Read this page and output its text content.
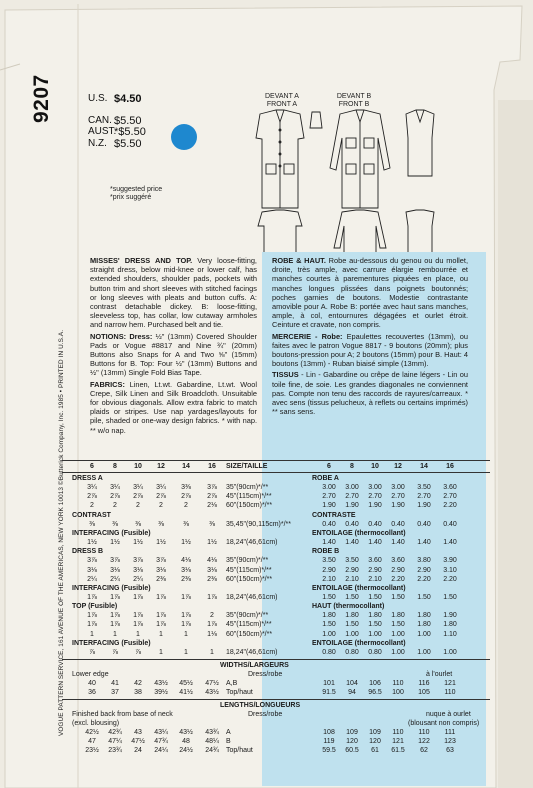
VOGUE PATTERN SERVICE, 161 AVENUE OF THE AMERICAS, NEW YORK 10013 ©Butterick Company, Inc. 1985 • PRINTED IN U.S.A.
9207	U.S. $4.50
CAN. $5.50
AUST.
*$5.50
N.Z. $5.50
*suggested price
*prix suggéré
DEVANT A
FRONT A
DEVANT B
FRONT B
MISSES' DRESS AND TOP. Very loose-fitting, straight dress, below mid-knee or lower calf, has extended shoulders, shoulder pads, pockets with button trim and short sleeves with stitched facings or long sleeves with pleats and button cuffs. A: contrast detachable dickey. B: loose-fitting, sleeveless top, has collar, low cutaway armholes and narrow hem. Purchased belt and tie.
NOTIONS: Dress: ½" (13mm) Covered Shoulder Pads or Vogue #8817 and Nine ¾" (20mm) Buttons also Snaps for A and Two ⅝" (15mm) Buttons for B. Top: Four ½" (13mm) Buttons and ½" (13mm) Single Fold Bias Tape.
FABRICS: Linen, Lt.wt. Gabardine, Lt.wt. Wool Crepe, Silk Linen and Silk Broadcloth. Unsuitable for obvious diagonals. Allow extra fabric to match plaids or stripes. Use nap yardages/layouts for pile, shaded or one-way design fabrics. * with nap. ** w/o nap.
ROBE & HAUT. Robe au-dessous du genou ou du mollet, droite, très ample, avec carrure élargie rembourrée et manches courtes à parementures piquées en place, ou manches longues plissées dans poignets boutonnés; poches garnies de boutons. Modestie contrastante amovible pour A. Robe B: portée avec haut sans manches, ample, à col, entournures dégagées et ourlet étroit. Ceinture et cravate, non compris.
MERCERIE - Robe: Epaulettes recouvertes (13mm), ou faites avec le patron Vogue 8817 - 9 boutons (20mm); plus boutons-pression pour A; 2 boutons (15mm) pour B. Haut: 4 boutons (13mm) - Ruban biaisé simple (13mm).
TISSUS - Lin - Gabardine ou crêpe de laine légers - Lin ou toile fine, de soie. Les grandes diagonales ne conviennent pas. Compte non tenu des raccords de rayures/carreaux. * avec sens (tissus pelucheux, à reflets ou certains imprimés) ** sans sens.
6	8	10	12	14	16	SIZE/TAILLE	6	8	10	12	14	16
DRESS A	ROBE A
3¼	3¼	3¼	3¼	3⅜	3⅞	35"(90cm)*/**	3.00	3.00	3.00	3.00	3.50	3.60
2⅞	2⅞	2⅞	2⅞	2⅞	2⅞	45"(115cm)*/**	2.70	2.70	2.70	2.70	2.70	2.70
2	2	2	2	2	2⅛	60"(150cm)*/**	1.90	1.90	1.90	1.90	1.90	2.20
CONTRAST	CONTRASTE
⅜	⅜	⅜	⅜	⅜	⅜	35,45"(90,115cm)*/**	0.40	0.40	0.40	0.40	0.40	0.40
INTERFACING (Fusible)	ENTOILAGE (thermocollant)
1½	1½	1½	1½	1½	1½	18,24"(46,61cm)	1.40	1.40	1.40	1.40	1.40	1.40
DRESS B	ROBE B
3⅞	3⅞	3⅞	3⅞	4⅛	4⅛	35"(90cm)*/**	3.50	3.50	3.60	3.60	3.80	3.90
3⅛	3⅛	3⅛	3⅛	3⅛	3⅛	45"(115cm)*/**	2.90	2.90	2.90	2.90	2.90	3.10
2¼	2¼	2¼	2⅜	2⅜	2⅜	60"(150cm)*/**	2.10	2.10	2.10	2.20	2.20	2.20
INTERFACING (Fusible)	ENTOILAGE (thermocollant)
1⅞	1⅞	1⅞	1⅞	1⅞	1⅞	18,24"(46,61cm)	1.50	1.50	1.50	1.50	1.50	1.50
TOP (Fusible)	HAUT (thermocollant)
1⅞	1⅞	1⅞	1⅞	1⅞	2	35"(90cm)*/**	1.80	1.80	1.80	1.80	1.80	1.90
1⅞	1⅞	1⅞	1⅞	1⅞	1⅞	45"(115cm)*/**	1.50	1.50	1.50	1.50	1.80	1.80
1	1	1	1	1	1⅛	60"(150cm)*/**	1.00	1.00	1.00	1.00	1.00	1.10
INTERFACING (Fusible)	ENTOILAGE (thermocollant)
⅞	⅞	⅞	1	1	1	18,24"(46,61cm)	0.80	0.80	0.80	1.00	1.00	1.00
WIDTHS/LARGEURS
Lower edge	Dress/robe	à l'ourlet
40	41	42	43½	45½	47½	A,B	101	104	106	110	116	121
36	37	38	39½	41½	43½	Top/haut	91.5	94	96.5	100	105	110
LENGTHS/LONGUEURS
Finished back from base of neck	Dress/robe	nuque à ourlet
(excl. blousing)	(blousant non compris)
42½	42¾	43	43¼	43½	43¾	A	108	109	109	110	110	111
47	47¼	47½	47¾	48	48¼	B	119	120	120	121	122	123
23½	23¾	24	24¼	24½	24¾	Top/haut	59.5	60.5	61	61.5	62	63
